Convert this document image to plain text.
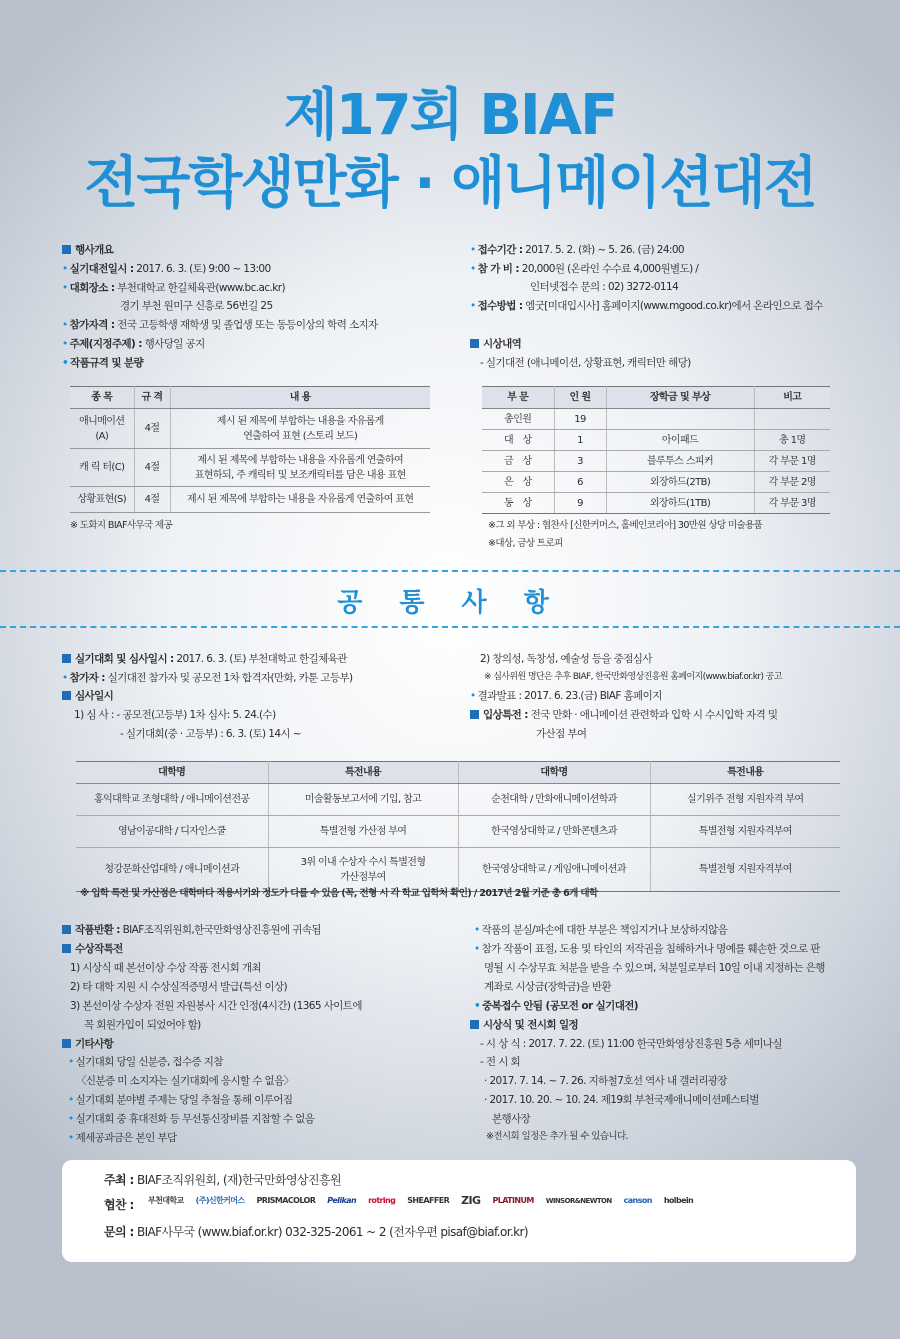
제17회 BIAF
전국학생만화 · 애니메이션대전
행사개요
• 실기대전일시 : 2017. 6. 3. (토) 9:00 ~ 13:00
• 대회장소 : 부천대학교 한길체육관(www.bc.ac.kr)
경기 부천 원미구 신흥로 56번길 25
• 참가자격 : 전국 고등학생 재학생 및 졸업생 또는 동등이상의 학력 소지자
• 주제(지정주제) : 행사당일 공지
• 작품규격 및 분량
종 목	규 격	내 용
애니메이션
(A)	4절	제시 된 제목에 부합하는 내용을 자유롭게
연출하여 표현 (스토리 보드)
캐 릭 터(C)	4절	제시 된 제목에 부합하는 내용을 자유롭게 연출하여
표현하되, 주 캐릭터 및 보조캐릭터를 담은 내용 표현
상황표현(S)	4절	제시 된 제목에 부합하는 내용을 자유롭게 연출하여 표현
※ 도화지 BIAF사무국 제공
• 접수기간 : 2017. 5. 2. (화) ~ 5. 26. (금) 24:00
• 참 가 비 : 20,000원 (온라인 수수료 4,000원별도) /
인터넷접수 문의 : 02) 3272-0114
• 접수방법 : 엠굿[미대입시사] 홈페이지(www.mgood.co.kr)에서 온라인으로 접수
시상내역
- 실기대전 (애니메이션, 상황표현, 캐릭터만 해당)
부 문	인 원	장학금 및 부상	비고
총인원	19		
대　상	1	아이패드	총 1명
금　상	3	블루투스 스피커	각 부문 1명
은　상	6	외장하드(2TB)	각 부문 2명
동　상	9	외장하드(1TB)	각 부문 3명
※그 외 부상 : 협찬사 [신한커머스, 홀베인코리아] 30만원 상당 미술용품
※대상, 금상 트로피
공 통 사 항
실기대회 및 심사일시 : 2017. 6. 3. (토) 부천대학교 한길체육관
• 참가자 : 실기대전 참가자 및 공모전 1차 합격자(만화, 카툰 고등부)
심사일시
1) 심 사 : - 공모전(고등부) 1차 심사: 5. 24.(수)
- 실기대회(중 · 고등부) : 6. 3. (토) 14시 ~
2) 창의성, 독창성, 예술성 등을 중점심사
※ 심사위원 명단은 추후 BIAF, 한국만화영상진흥원 홈페이지(www.biaf.or.kr) 공고
• 결과발표 : 2017. 6. 23.(금) BIAF 홈페이지
입상특전 : 전국 만화 · 애니메이션 관련학과 입학 시 수시입학 자격 및
가산점 부여
대학명	특전내용	대학명	특전내용
홍익대학교 조형대학 / 애니메이션전공	미술활동보고서에 기입, 참고	순천대학 / 만화애니메이션학과	실기위주 전형 지원자격 부여
영남이공대학 / 디자인스쿨	특별전형 가산점 부여	한국영상대학교 / 만화콘텐츠과	특별전형 지원자격부여
청강문화산업대학 / 애니메이션과	3위 이내 수상자 수시 특별전형
가산점부여	한국영상대학교 / 게임애니메이션과	특별전형 지원자격부여
※ 입학 특전 및 가산점은 대학마다 적용시기와 정도가 다를 수 있음 (꼭, 전형 시 각 학교 입학처 확인) / 2017년 2월 기준 총 6개 대학
작품반환 : BIAF조직위원회,한국만화영상진흥원에 귀속됨
수상작특전
1) 시상식 때 본선이상 수상 작품 전시회 개최
2) 타 대학 지원 시 수상실적증명서 발급(특선 이상)
3) 본선이상 수상자 전원 자원봉사 시간 인정(4시간) (1365 사이트에
꼭 회원가입이 되었어야 함)
기타사항
• 실기대회 당일 신분증, 접수증 지참
〈신분증 미 소지자는 실기대회에 응시할 수 없음〉
• 실기대회 분야별 주제는 당일 추첨을 통해 이루어짐
• 실기대회 중 휴대전화 등 무선통신장비를 지참할 수 없음
• 제세공과금은 본인 부담
• 작품의 분실/파손에 대한 부분은 책임지거나 보상하지않음
• 참가 작품이 표절, 도용 및 타인의 저작권을 침해하거나 명예를 훼손한 것으로 판
명될 시 수상무효 처분을 받을 수 있으며, 처분일로부터 10일 이내 지정하는 은행
계좌로 시상금(장학금)을 반환
• 중복접수 안됨 (공모전 or 실기대전)
시상식 및 전시회 일정
- 시 상 식 : 2017. 7. 22. (토) 11:00 한국만화영상진흥원 5층 세미나실
- 전 시 회
· 2017. 7. 14. ~ 7. 26. 지하철7호선 역사 내 갤러리광장
· 2017. 10. 20. ~ 10. 24. 제19회 부천국제애니메이션페스티벌
본행사장
※전시회 일정은 추가 될 수 있습니다.
주최 : BIAF조직위원회, (재)한국만화영상진흥원
협찬 : 부천대학교 (주)신한커머스 PRISMACOLOR Pelikan rotring SHEAFFER ZIG PLATINUM WINSOR&NEWTON canson holbein
문의 : BIAF사무국 (www.biaf.or.kr) 032-325-2061 ~ 2 (전자우편 pisaf@biaf.or.kr)
